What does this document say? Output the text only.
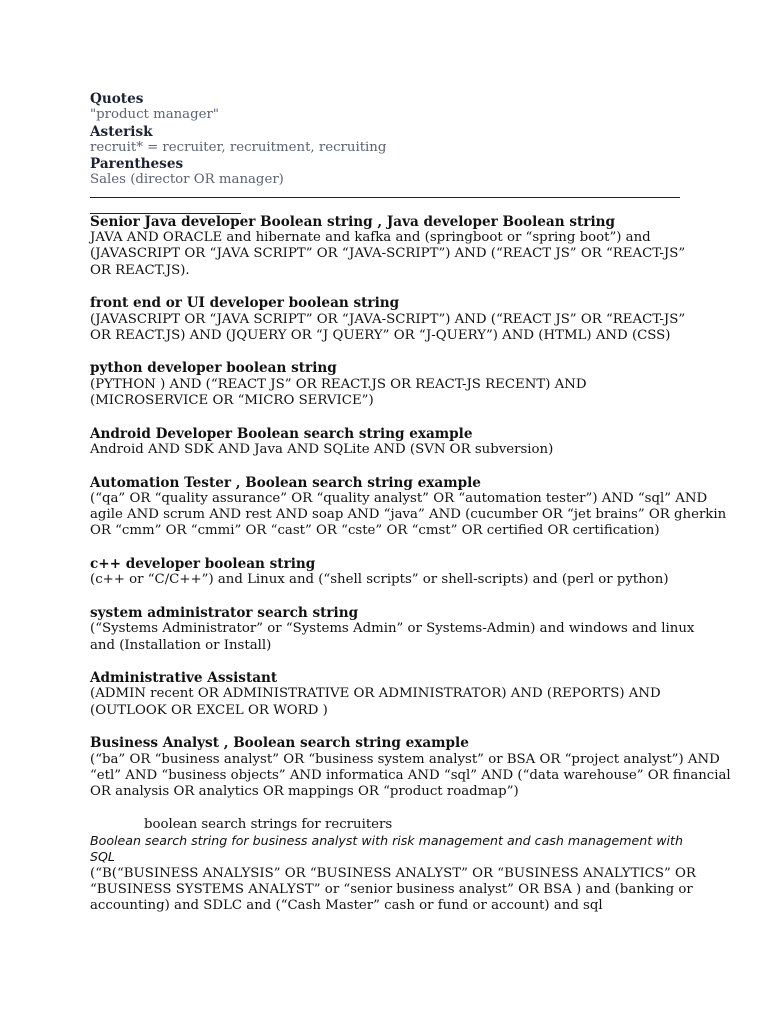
Quotes
"product manager"
Asterisk
recruit* = recruiter, recruitment, recruiting
Parentheses
Sales (director OR manager)
Senior Java developer Boolean string , Java developer Boolean string
JAVA AND ORACLE and hibernate and kafka and (springboot or “spring boot”) and
(JAVASCRIPT OR “JAVA SCRIPT” OR “JAVA-SCRIPT”) AND (“REACT JS” OR “REACT-JS”
OR REACT.JS).
front end or UI developer boolean string
(JAVASCRIPT OR “JAVA SCRIPT” OR “JAVA-SCRIPT”) AND (“REACT JS” OR “REACT-JS”
OR REACT.JS) AND (JQUERY OR “J QUERY” OR “J-QUERY”) AND (HTML) AND (CSS)
python developer boolean string
(PYTHON ) AND (“REACT JS” OR REACT.JS OR REACT-JS RECENT) AND
(MICROSERVICE OR “MICRO SERVICE”)
Android Developer Boolean search string example
Android AND SDK AND Java AND SQLite AND (SVN OR subversion)
Automation Tester , Boolean search string example
(“qa” OR “quality assurance” OR “quality analyst” OR “automation tester”) AND “sql” AND
agile AND scrum AND rest AND soap AND “java” AND (cucumber OR “jet brains” OR gherkin
OR “cmm” OR “cmmi” OR “cast” OR “cste” OR “cmst” OR certified OR certification)
c++ developer boolean string
(c++ or “C/C++”) and Linux and (“shell scripts” or shell-scripts) and (perl or python)
system administrator search string
(“Systems Administrator” or “Systems Admin” or Systems-Admin) and windows and linux
and (Installation or Install)
Administrative Assistant
(ADMIN recent OR ADMINISTRATIVE OR ADMINISTRATOR) AND (REPORTS) AND
(OUTLOOK OR EXCEL OR WORD )
Business Analyst , Boolean search string example
(“ba” OR “business analyst” OR “business system analyst” or BSA OR “project analyst”) AND
“etl” AND “business objects” AND informatica AND “sql” AND (“data warehouse” OR financial
OR analysis OR analytics OR mappings OR “product roadmap”)
boolean search strings for recruiters
Boolean search string for business analyst with risk management and cash management with
SQL
(“B(“BUSINESS ANALYSIS” OR “BUSINESS ANALYST” OR “BUSINESS ANALYTICS” OR
“BUSINESS SYSTEMS ANALYST” or “senior business analyst” OR BSA ) and (banking or
accounting) and SDLC and (“Cash Master” cash or fund or account) and sql
